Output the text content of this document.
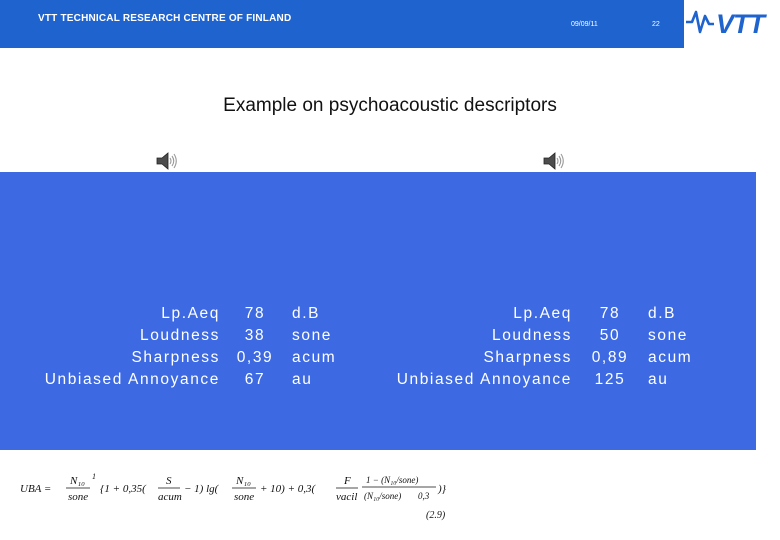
VTT TECHNICAL RESEARCH CENTRE OF FINLAND
09/09/11	22 VTT
Example on psychoacoustic descriptors
Lp.Aeq
Loudness
Sharpness
Unbiased Annoyance
78
38
0,39
67
d.B
sone
acum
au
Lp.Aeq
Loudness
Sharpness
Unbiased Annoyance
78
50
0,89
125
d.B
sone
acum
au
UBA =
N₁₀
sone
1
{1 + 0,35(
S
acum
− 1) lg(
N₁₀
sone
+ 10) + 0,3(
F
vacil
1 − (N₁₀/sone)
(N₁₀/sone) 0,3
)}
(2.9)
